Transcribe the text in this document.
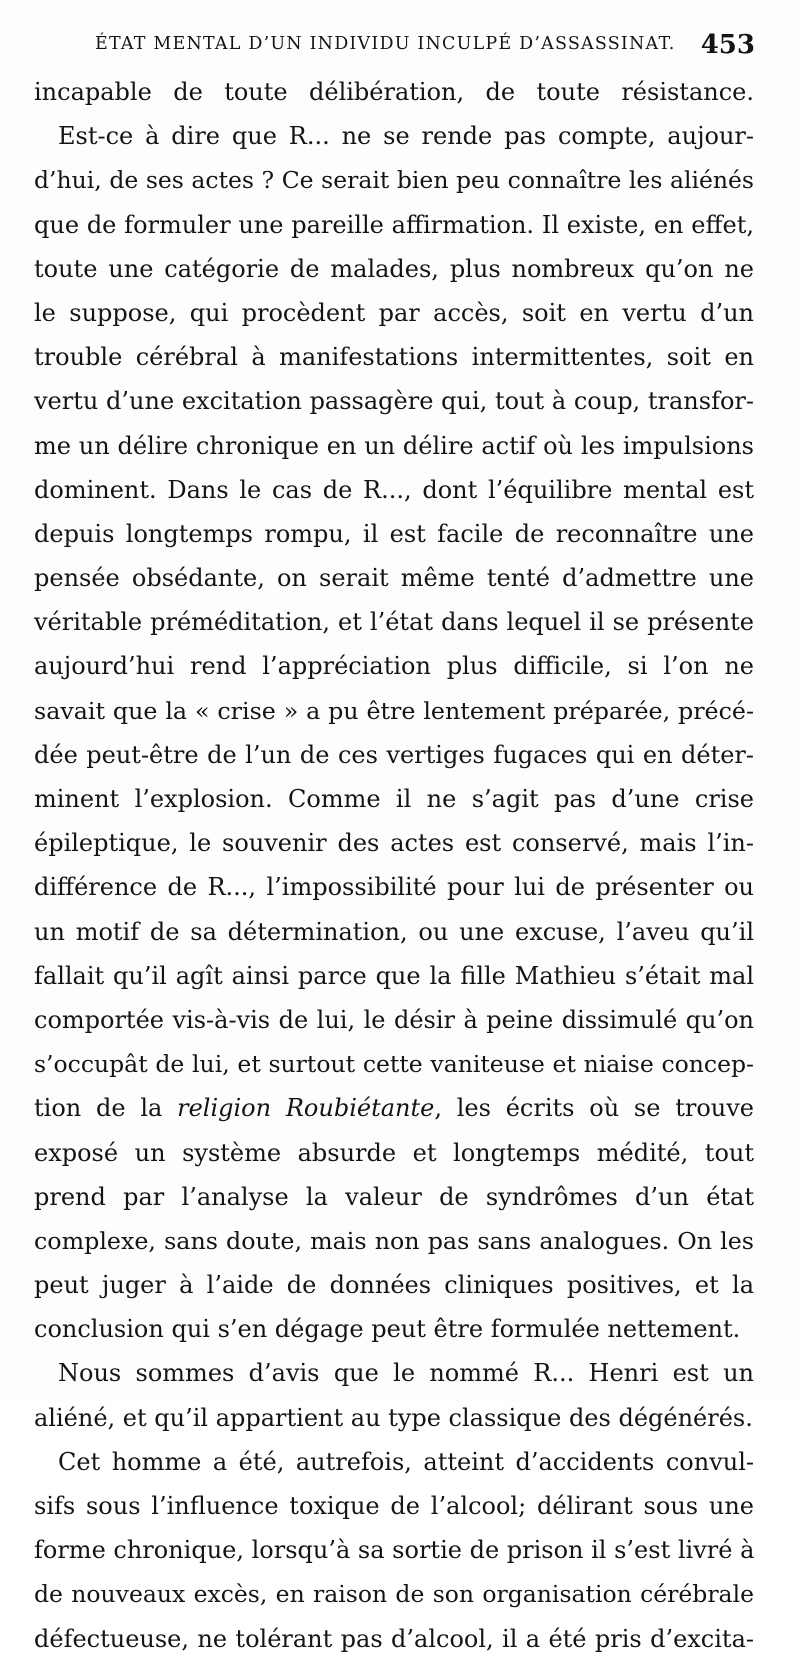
ÉTAT MENTAL D’UN INDIVIDU INCULPÉ D’ASSASSINAT. 453
incapable de toute délibération, de toute résistance.
Est-ce à dire que R... ne se rende pas compte, aujour-
d’hui, de ses actes ? Ce serait bien peu connaître les aliénés
que de formuler une pareille affirmation. Il existe, en effet,
toute une catégorie de malades, plus nombreux qu’on ne
le suppose, qui procèdent par accès, soit en vertu d’un
trouble cérébral à manifestations intermittentes, soit en
vertu d’une excitation passagère qui, tout à coup, transfor-
me un délire chronique en un délire actif où les impulsions
dominent. Dans le cas de R..., dont l’équilibre mental est
depuis longtemps rompu, il est facile de reconnaître une
pensée obsédante, on serait même tenté d’admettre une
véritable préméditation, et l’état dans lequel il se présente
aujourd’hui rend l’appréciation plus difficile, si l’on ne
savait que la « crise » a pu être lentement préparée, précé-
dée peut-être de l’un de ces vertiges fugaces qui en déter-
minent l’explosion. Comme il ne s’agit pas d’une crise
épileptique, le souvenir des actes est conservé, mais l’in-
différence de R..., l’impossibilité pour lui de présenter ou
un motif de sa détermination, ou une excuse, l’aveu qu’il
fallait qu’il agît ainsi parce que la fille Mathieu s’était mal
comportée vis-à-vis de lui, le désir à peine dissimulé qu’on
s’occupât de lui, et surtout cette vaniteuse et niaise concep-
tion de la religion Roubiétante, les écrits où se trouve
exposé un système absurde et longtemps médité, tout
prend par l’analyse la valeur de syndrômes d’un état
complexe, sans doute, mais non pas sans analogues. On les
peut juger à l’aide de données cliniques positives, et la
conclusion qui s’en dégage peut être formulée nettement.
Nous sommes d’avis que le nommé R... Henri est un
aliéné, et qu’il appartient au type classique des dégénérés.
Cet homme a été, autrefois, atteint d’accidents convul-
sifs sous l’influence toxique de l’alcool; délirant sous une
forme chronique, lorsqu’à sa sortie de prison il s’est livré à
de nouveaux excès, en raison de son organisation cérébrale
défectueuse, ne tolérant pas d’alcool, il a été pris d’excita-
